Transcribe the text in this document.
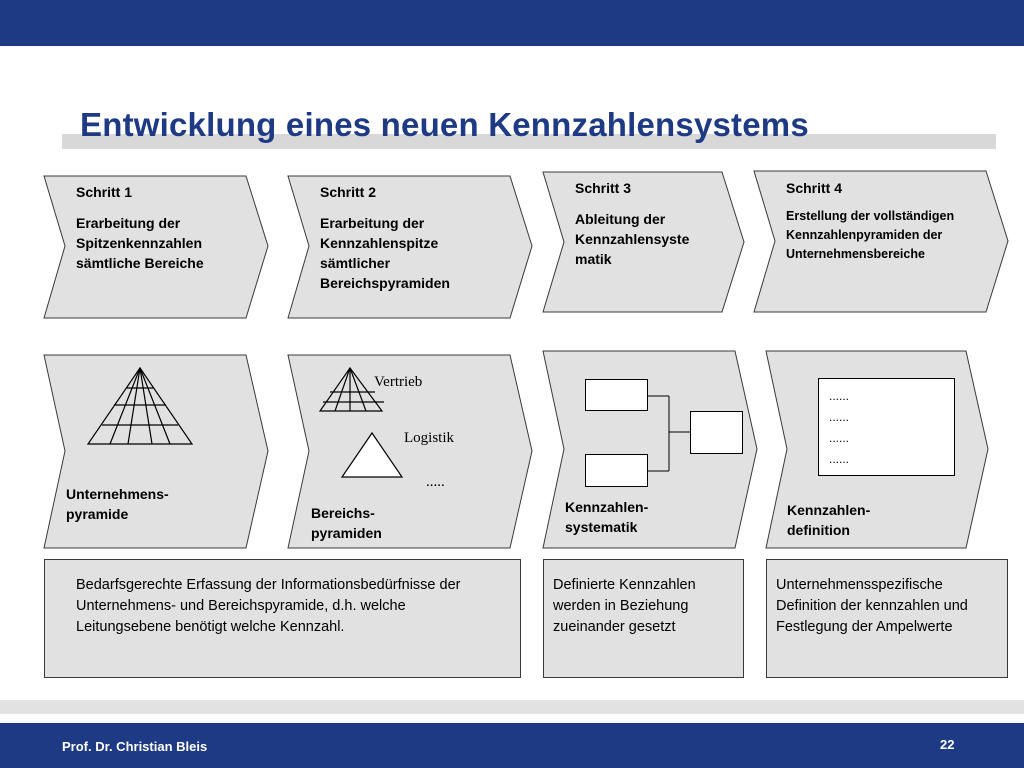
Entwicklung eines neuen Kennzahlensystems
Schritt 1
Erarbeitung der Spitzenkennzahlen sämtliche Bereiche
Schritt 2
Erarbeitung der Kennzahlenspitze sämtlicher Bereichspyramiden
Schritt 3
Ableitung der Kennzahlensyste matik
Schritt 4
Erstellung der vollständigen Kennzahlenpyramiden der Unternehmensbereiche
Unternehmens- pyramide	Bereichs- pyramiden
Kennzahlen- systematik
Kennzahlen- definition
Vertrieb
Logistik
.....
......
......
......
......
Bedarfsgerechte Erfassung der Informationsbedürfnisse der Unternehmens- und Bereichspyramide, d.h. welche Leitungsebene benötigt welche Kennzahl.
Definierte Kennzahlen werden in Beziehung zueinander gesetzt
Unternehmensspezifische Definition der kennzahlen und Festlegung der Ampelwerte
Prof. Dr. Christian Bleis	22
